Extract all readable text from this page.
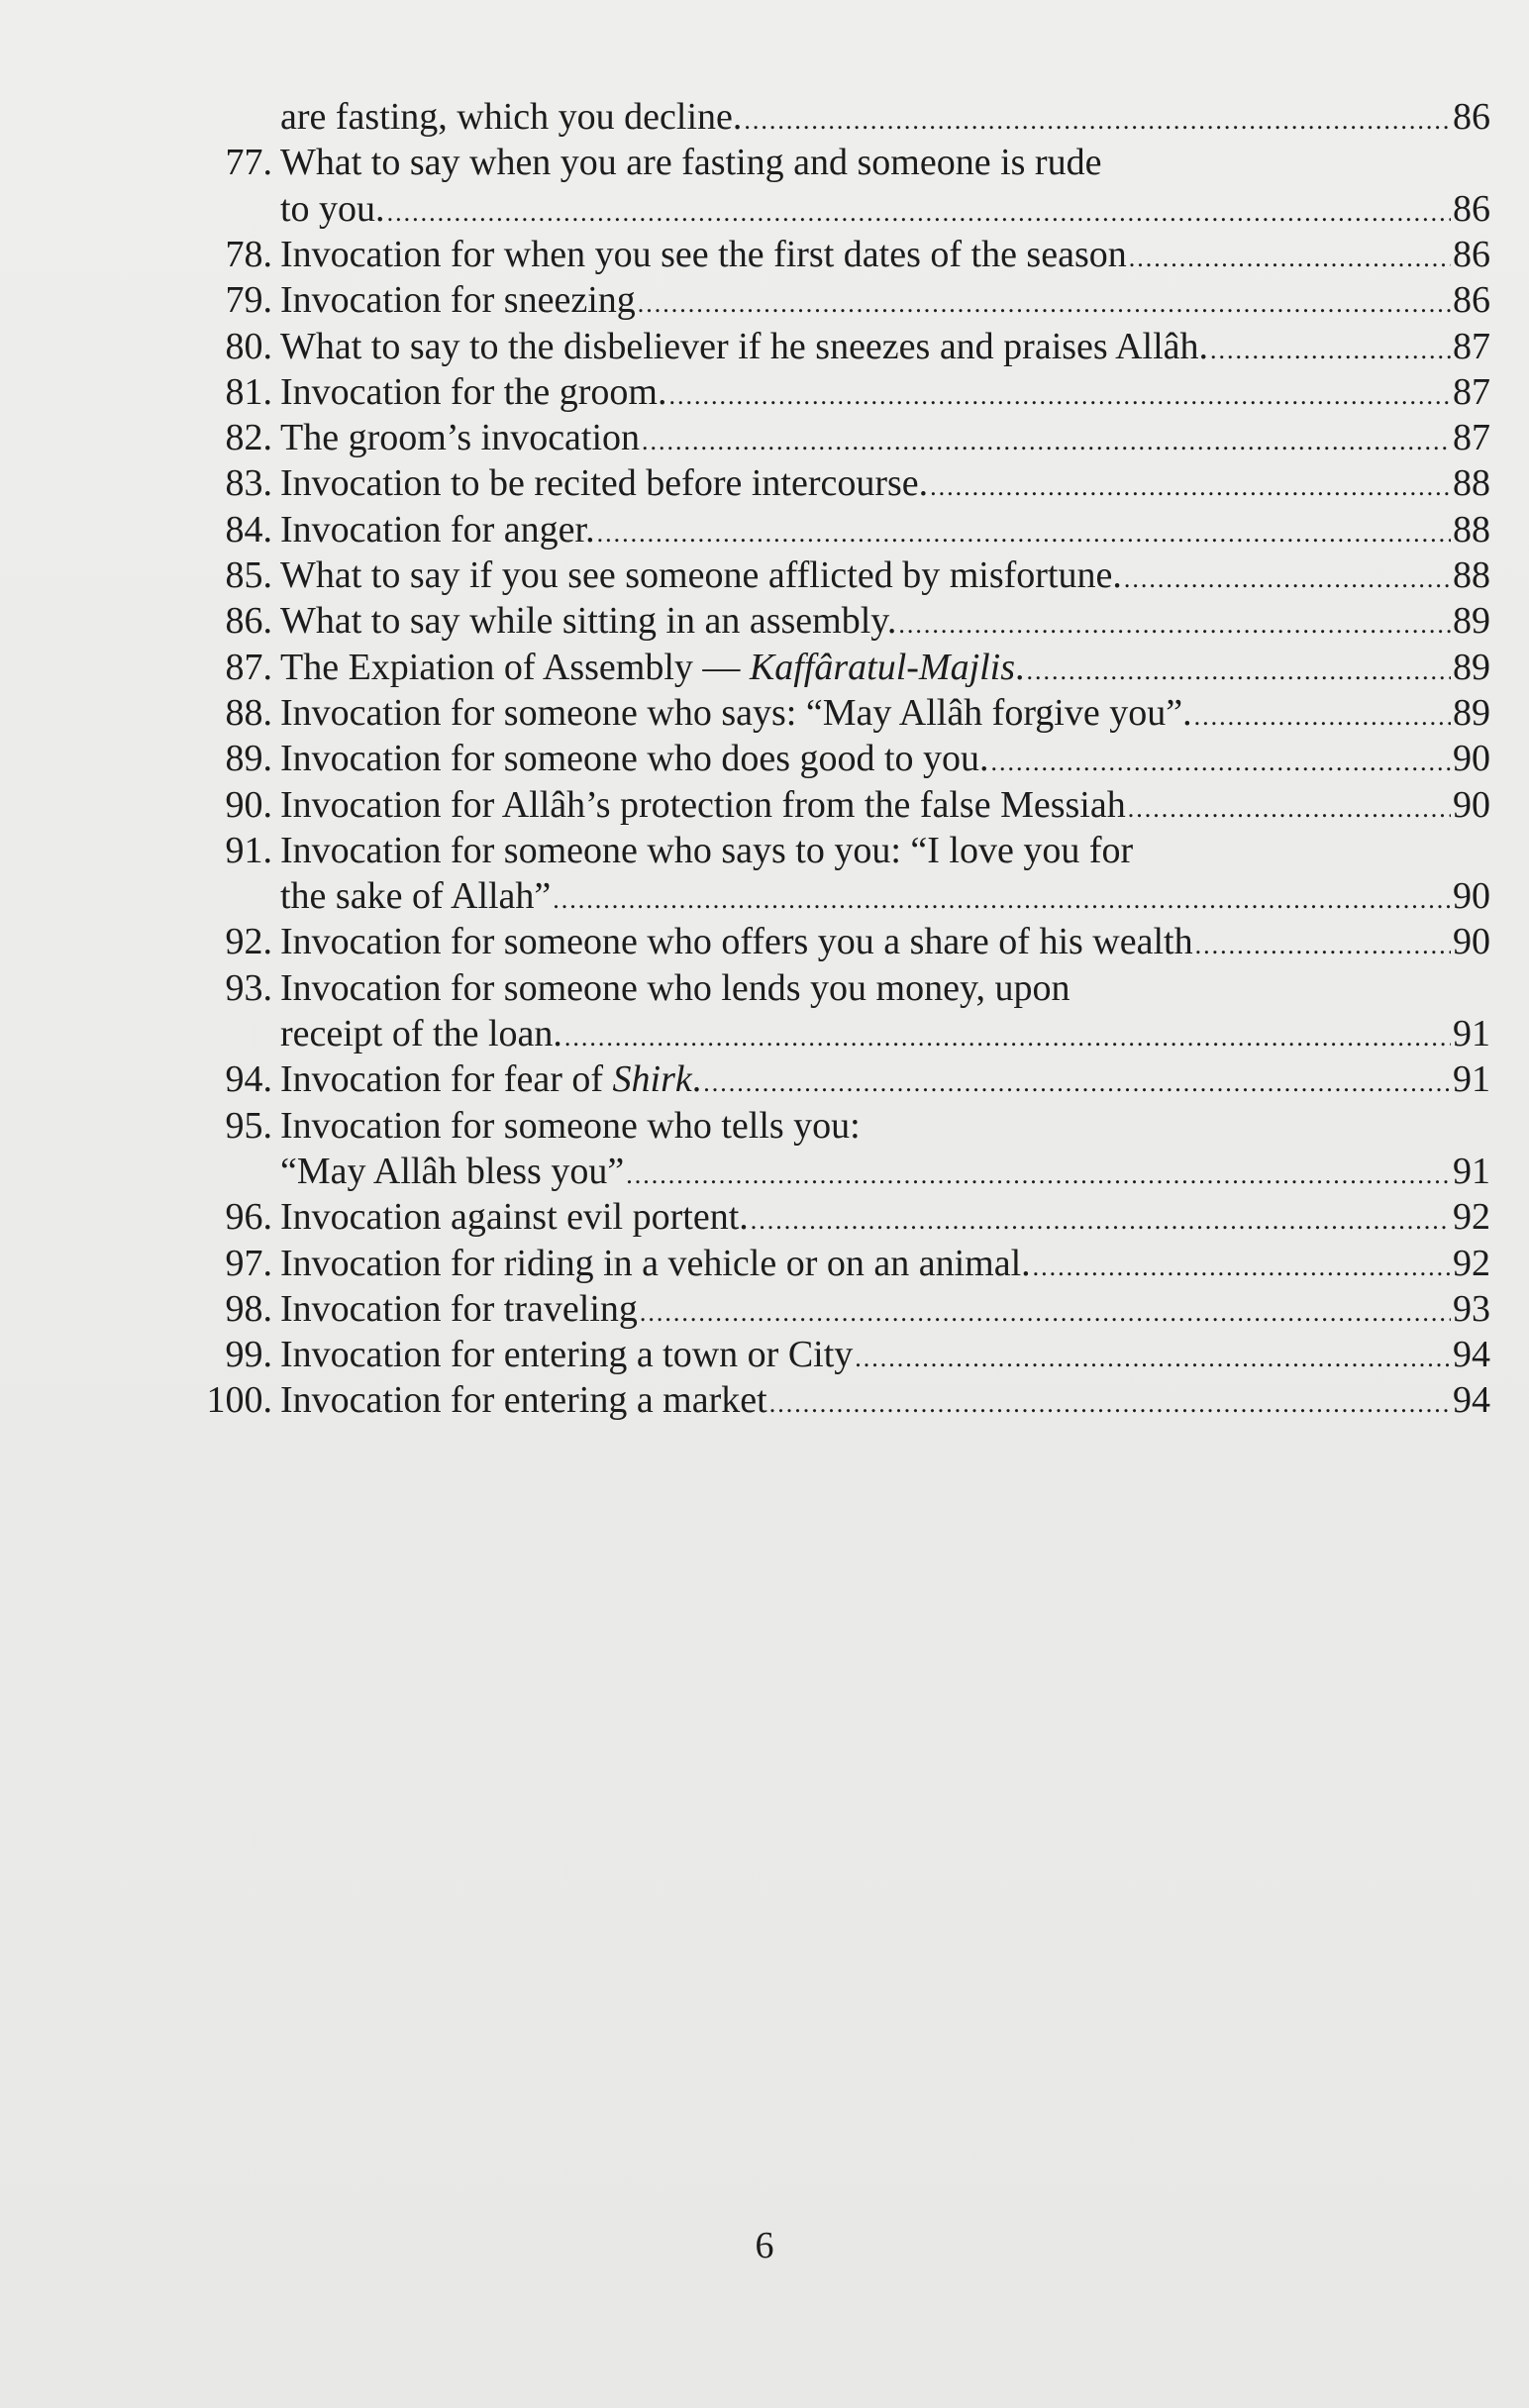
are fasting, which you decline. .....	86
77. What to say when you are fasting and someone is rude
to you. .....	86
78. Invocation for when you see the first dates of the season .....	86
79. Invocation for sneezing .....	86
80. What to say to the disbeliever if he sneezes and praises Allâh. .....	87
81. Invocation for the groom. .....	87
82. The groom’s invocation .....	87
83. Invocation to be recited before intercourse. .....	88
84. Invocation for anger. .....	88
85. What to say if you see someone afflicted by misfortune. .....	88
86. What to say while sitting in an assembly. .....	89
87. The Expiation of Assembly — Kaffâratul-Majlis. .....	89
88. Invocation for someone who says: “May Allâh forgive you”. .....	89
89. Invocation for someone who does good to you. .....	90
90. Invocation for Allâh’s protection from the false Messiah .....	90
91. Invocation for someone who says to you: “I love you for
the sake of Allah” .....	90
92. Invocation for someone who offers you a share of his wealth .....	90
93. Invocation for someone who lends you money, upon
receipt of the loan. .....	91
94. Invocation for fear of Shirk. .....	91
95. Invocation for someone who tells you:
“May Allâh bless you” .....	91
96. Invocation against evil portent. .....	92
97. Invocation for riding in a vehicle or on an animal. .....	92
98. Invocation for traveling .....	93
99. Invocation for entering a town or City .....	94
100. Invocation for entering a market .....	94
6
